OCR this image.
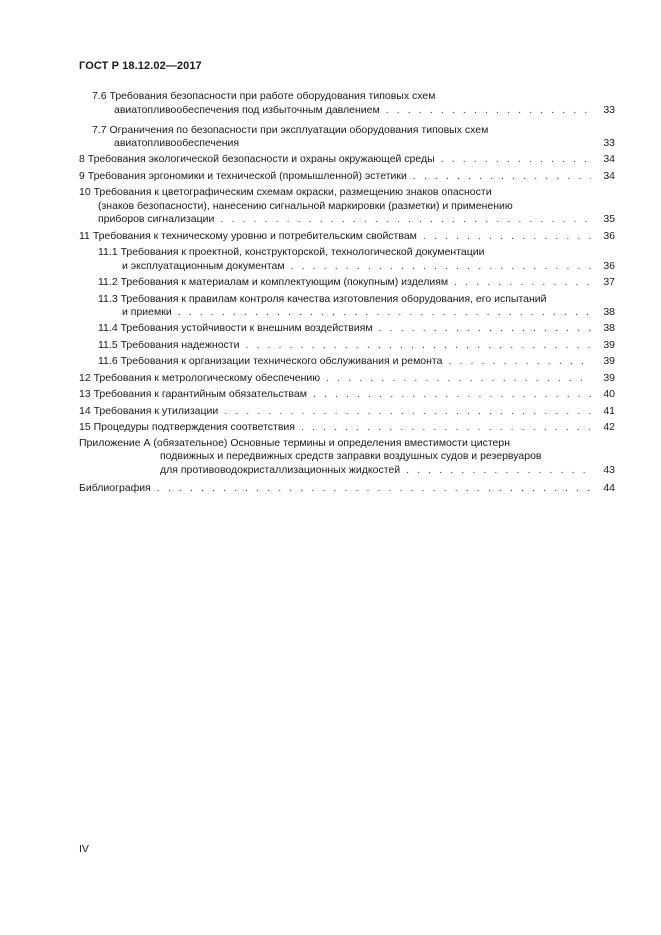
ГОСТ Р 18.12.02—2017
7.6 Требования безопасности при работе оборудования типовых схем
авиатопливообеспечения под избыточным давлением . . .	33
7.7 Ограничения по безопасности при эксплуатации оборудования типовых схем
авиатопливообеспечения	33
8 Требования экологической безопасности и охраны окружающей среды . . .	34
9 Требования эргономики и технической (промышленной) эстетики . . .	34
10 Требования к цветографическим схемам окраски, размещению знаков опасности
(знаков безопасности), нанесению сигнальной маркировки (разметки) и применению
приборов сигнализации . . .	35
11 Требования к техническому уровню и потребительским свойствам . . .	36
11.1 Требования к проектной, конструкторской, технологической документации
и эксплуатационным документам . . .	36
11.2 Требования к материалам и комплектующим (покупным) изделиям . . .	37
11.3 Требования к правилам контроля качества изготовления оборудования, его испытаний
и приемки . . .	38
11.4 Требования устойчивости к внешним воздействиям . . .	38
11.5 Требования надежности . . .	39
11.6 Требования к организации технического обслуживания и ремонта . . .	39
12 Требования к метрологическому обеспечению . . .	39
13 Требования к гарантийным обязательствам . . .	40
14 Требования к утилизации . . .	41
15 Процедуры подтверждения соответствия . . .	42
Приложение А (обязательное) Основные термины и определения вместимости цистерн
подвижных и передвижных средств заправки воздушных судов и резервуаров
для противоводокристаллизационных жидкостей . . .	43
Библиография . . .	44
IV
